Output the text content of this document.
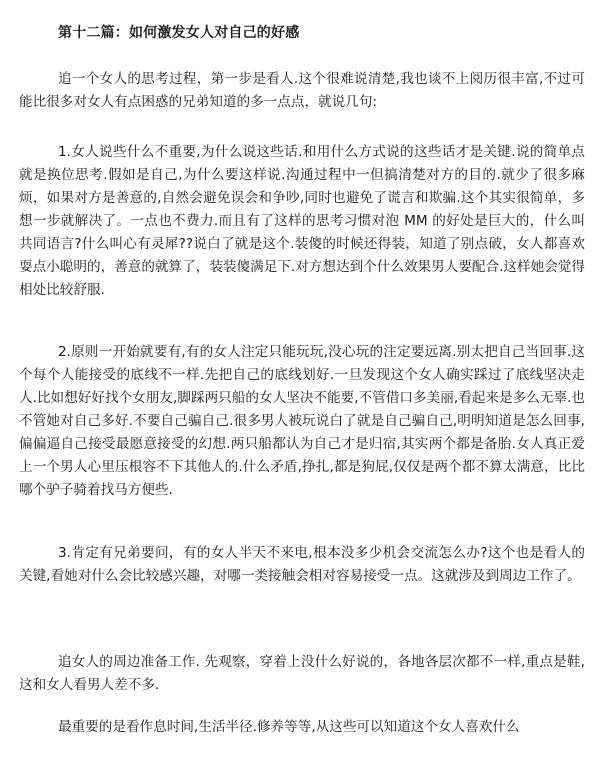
第十二篇：如何激发女人对自己的好感

追一个女人的思考过程，第一步是看人.这个很难说清楚,我也谈不上阅历很丰富,不过可能比很多对女人有点困惑的兄弟知道的多一点点，就说几句:

1.女人说些什么不重要,为什么说这些话.和用什么方式说的这些话才是关键.说的简单点就是换位思考.假如是自己,为什么要这样说.沟通过程中一但搞清楚对方的目的.就少了很多麻烦，如果对方是善意的,自然会避免误会和争吵,同时也避免了谎言和欺骗.这个其实很简单，多想一步就解决了。一点也不费力.而且有了这样的思考习惯对泡 MM 的好处是巨大的，什么叫共同语言?什么叫心有灵犀??说白了就是这个.装傻的时候还得装，知道了别点破，女人都喜欢耍点小聪明的，善意的就算了，装装傻满足下.对方想达到个什么效果男人要配合.这样她会觉得相处比较舒服.

2.原则一开始就要有,有的女人注定只能玩玩,没心玩的注定要远离.别太把自己当回事.这个每个人能接受的底线不一样.先把自己的底线划好.一旦发现这个女人确实踩过了底线坚决走人.比如想好好找个女朋友,脚踩两只船的女人坚决不能要,不管借口多美丽,看起来是多么无辜.也不管她对自己多好.不要自己骗自己.很多男人被玩说白了就是自己骗自己,明明知道是怎么回事,偏偏逼自己接受最愿意接受的幻想.两只船都认为自己才是归宿,其实两个都是备胎.女人真正爱上一个男人心里压根容不下其他人的.什么矛盾,挣扎,都是狗屁,仅仅是两个都不算太满意，比比哪个驴子骑着找马方便些.

3.肯定有兄弟要问，有的女人半天不来电,根本没多少机会交流怎么办?这个也是看人的关键,看她对什么会比较感兴趣，对哪一类接触会相对容易接受一点。这就涉及到周边工作了。

追女人的周边准备工作. 先观察，穿着上没什么好说的，各地各层次都不一样,重点是鞋,这和女人看男人差不多.

最重要的是看作息时间,生活半径.修养等等,从这些可以知道这个女人喜欢什么
